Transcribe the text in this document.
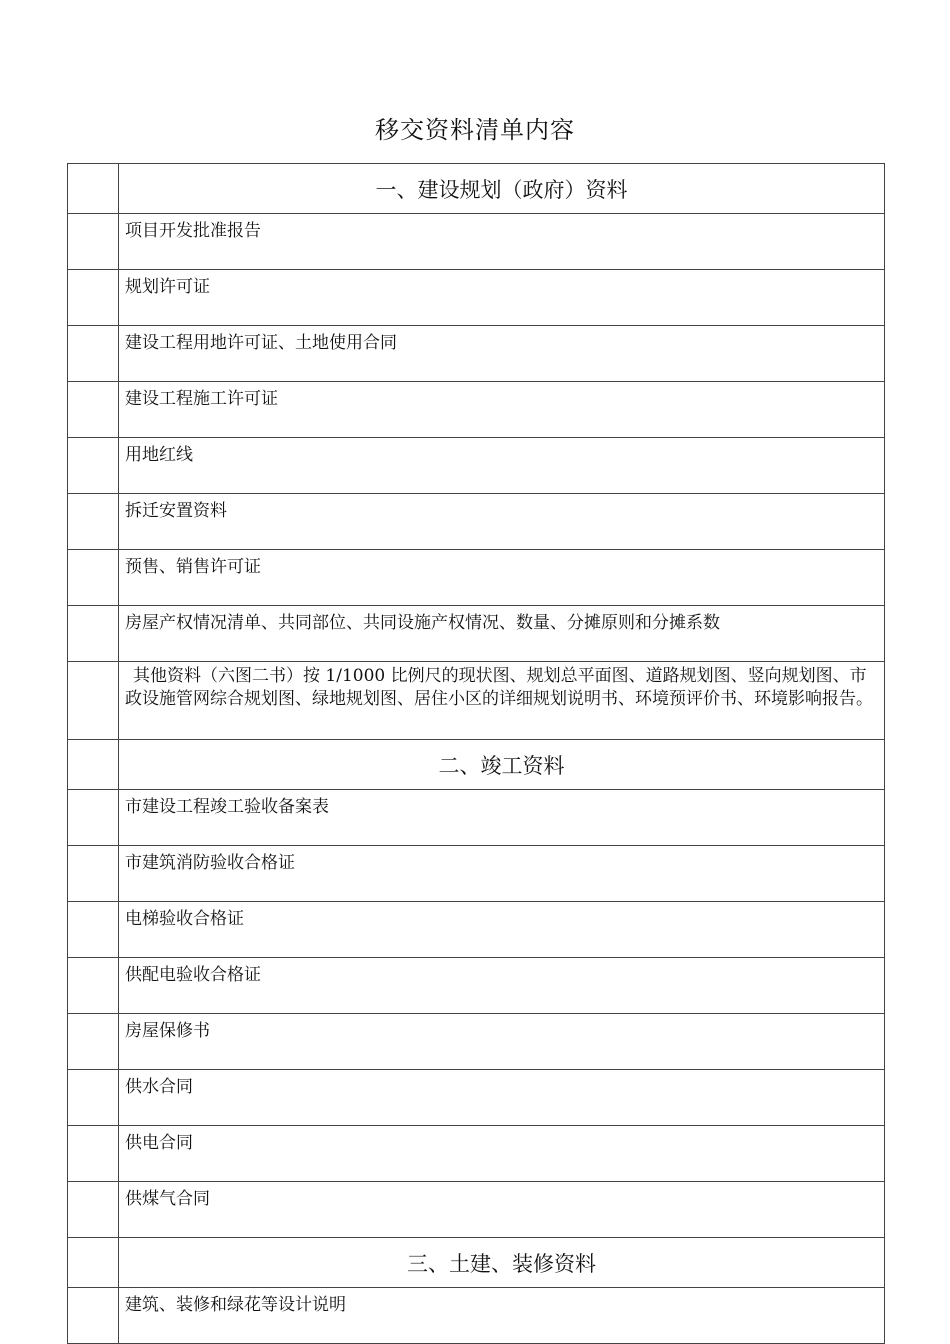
移交资料清单内容
	一、建设规划（政府）资料
	项目开发批准报告
	规划许可证
	建设工程用地许可证、土地使用合同
	建设工程施工许可证
	用地红线
	拆迁安置资料
	预售、销售许可证
	房屋产权情况清单、共同部位、共同设施产权情况、数量、分摊原则和分摊系数
	其他资料（六图二书）按 1/1000 比例尺的现状图、规划总平面图、道路规划图、竖向规划图、市政设施管网综合规划图、绿地规划图、居住小区的详细规划说明书、环境预评价书、环境影响报告。
	二、竣工资料
	市建设工程竣工验收备案表
	市建筑消防验收合格证
	电梯验收合格证
	供配电验收合格证
	房屋保修书
	供水合同
	供电合同
	供煤气合同
	三、土建、装修资料
	建筑、装修和绿花等设计说明
